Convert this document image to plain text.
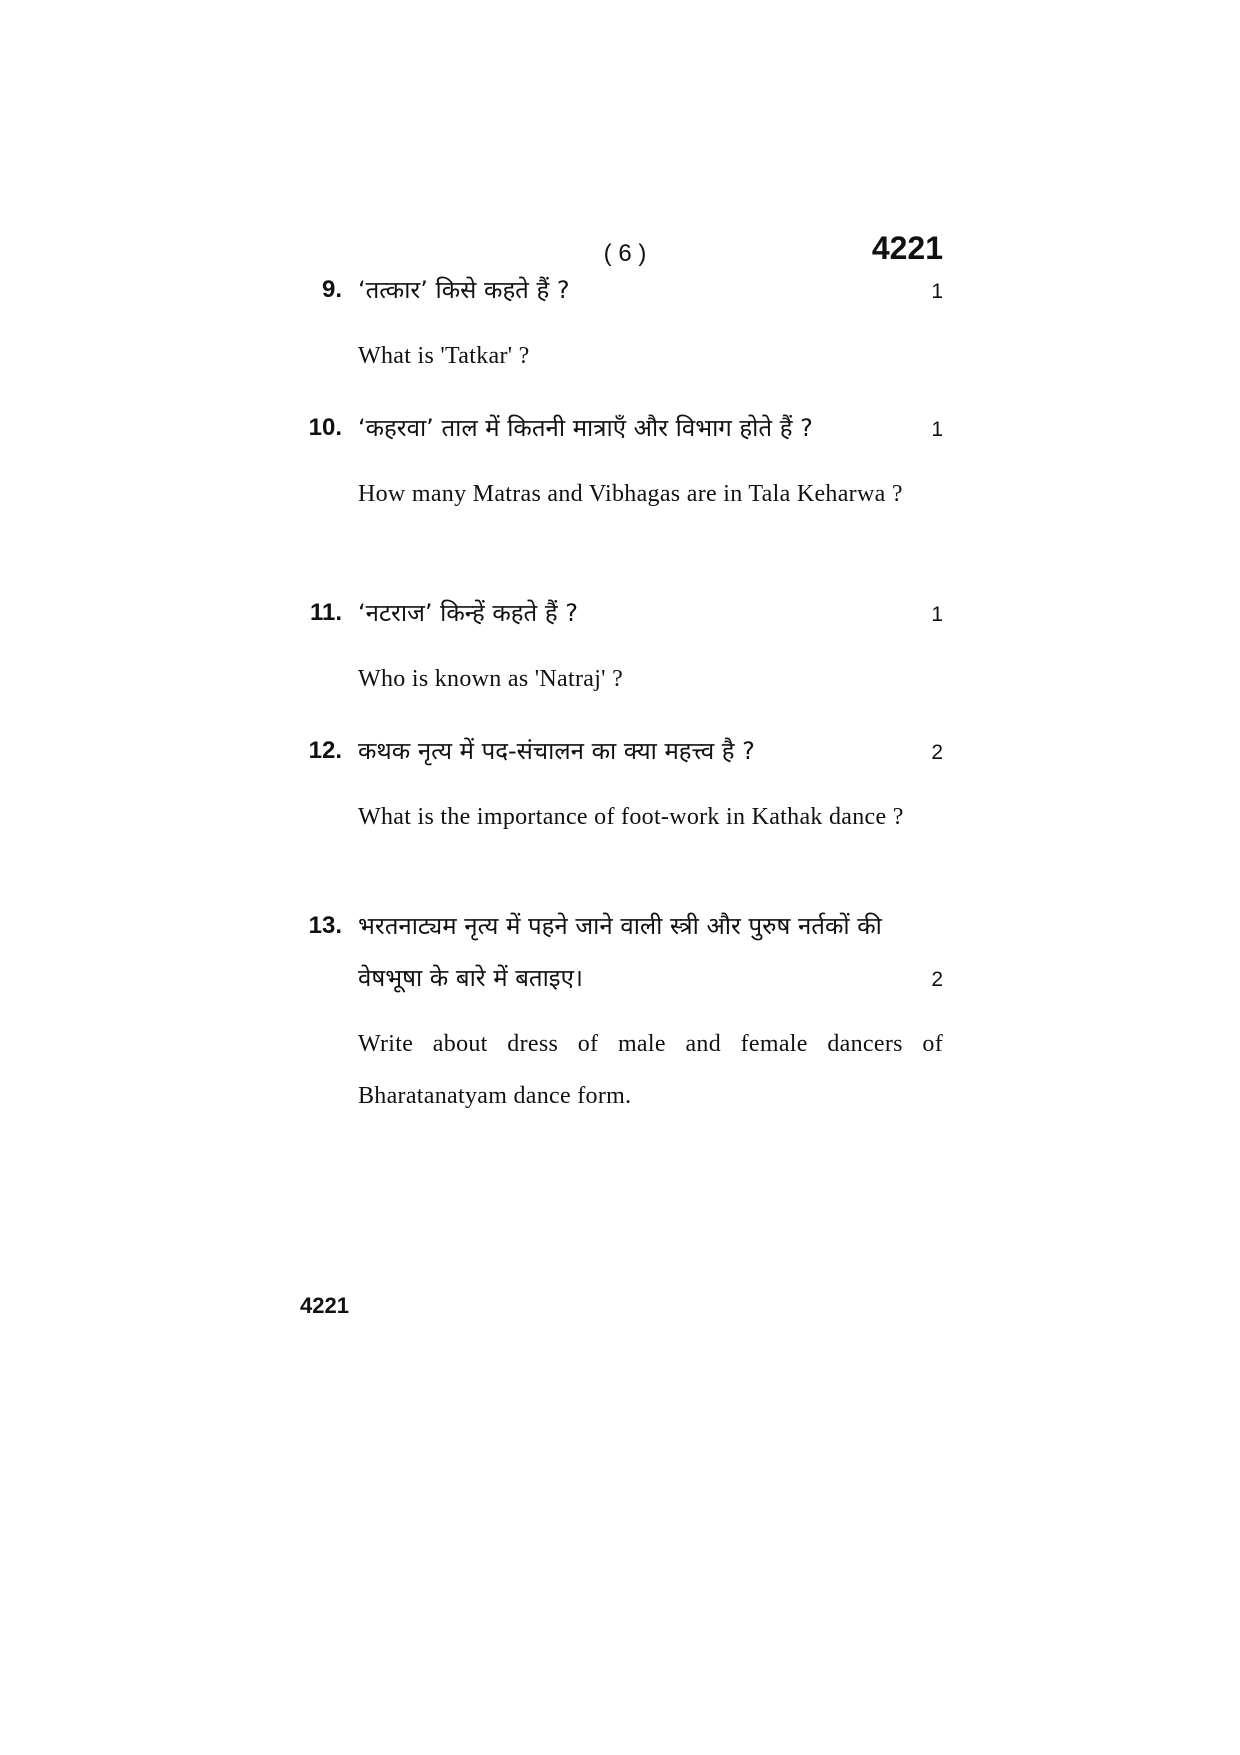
( 6 )	4221
9. ‘तत्कार’ किसे कहते हैं ?	1
What is 'Tatkar' ?
10. ‘कहरवा’ ताल में कितनी मात्राएँ और विभाग होते हैं ?	1
How many Matras and Vibhagas are in Tala Keharwa ?
11. ‘नटराज’ किन्हें कहते हैं ?	1
Who is known as 'Natraj' ?
12. कथक नृत्य में पद-संचालन का क्या महत्त्व है ?	2
What is the importance of foot-work in Kathak dance ?
13. भरतनाट्यम नृत्य में पहने जाने वाली स्त्री और पुरुष नर्तकों की
वेषभूषा के बारे में बताइए।	2
Write about dress of male and female dancers of Bharatanatyam dance form.
4221
